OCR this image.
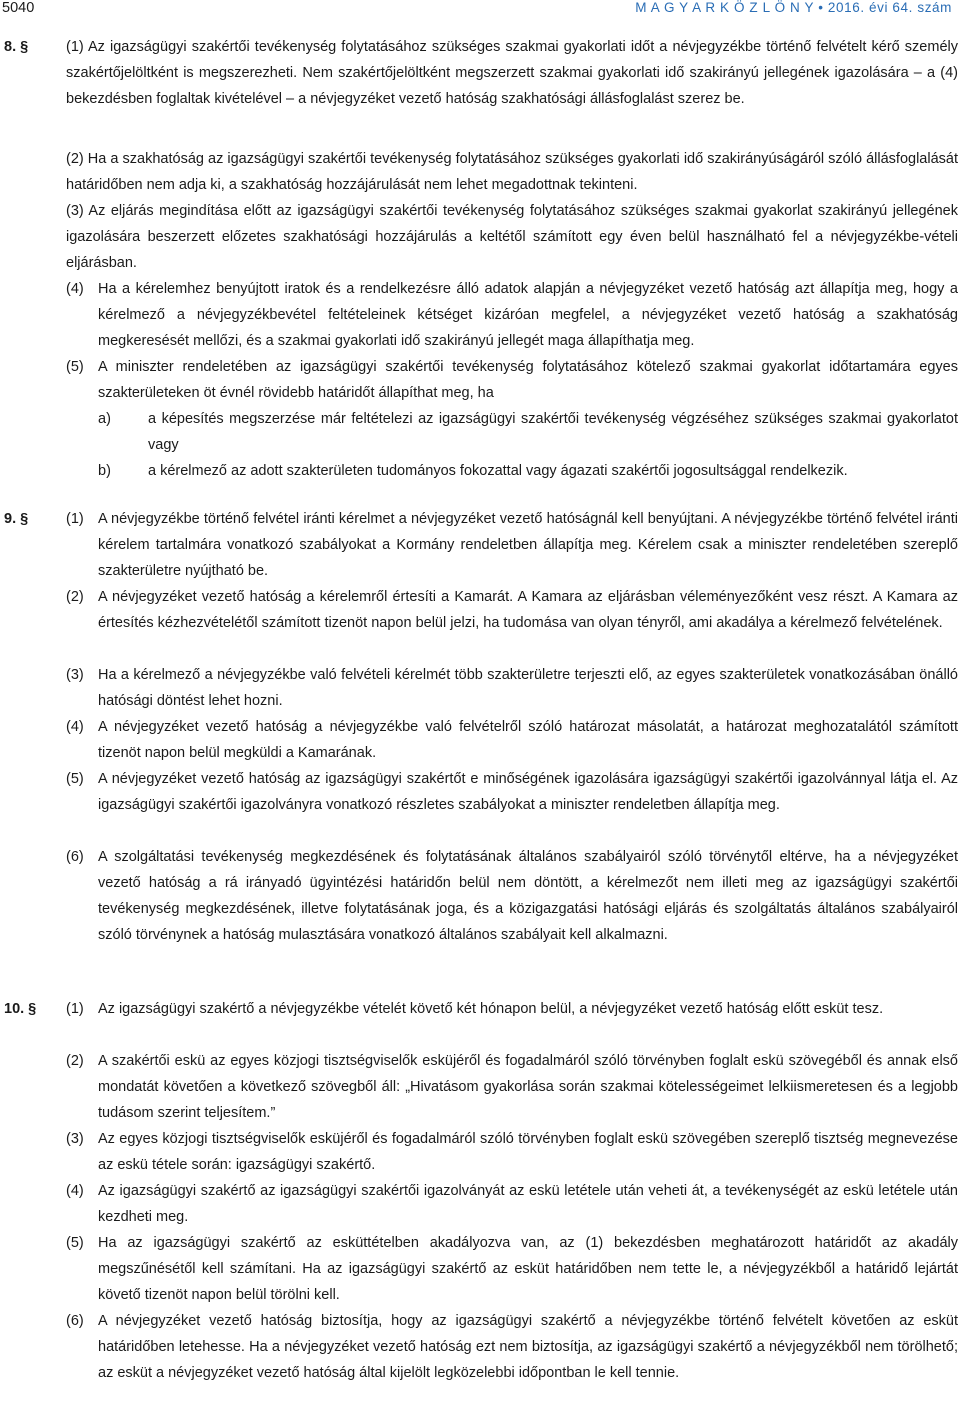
5040	M A G Y A R K Ö Z L Ö N Y • 2016. évi 64. szám
8. §	(1) Az igazságügyi szakértői tevékenység folytatásához szükséges szakmai gyakorlati időt a névjegyzékbe történő felvételt kérő személy szakértőjelöltként is megszerezheti. Nem szakértőjelöltként megszerzett szakmai gyakorlati idő szakirányú jellegének igazolására – a (4) bekezdésben foglaltak kivételével – a névjegyzéket vezető hatóság szakhatósági állásfoglalást szerez be.
(2) Ha a szakhatóság az igazságügyi szakértői tevékenység folytatásához szükséges gyakorlati idő szakirányúságáról szóló állásfoglalását határidőben nem adja ki, a szakhatóság hozzájárulását nem lehet megadottnak tekinteni.
(3) Az eljárás megindítása előtt az igazságügyi szakértői tevékenység folytatásához szükséges szakmai gyakorlat szakirányú jellegének igazolására beszerzett előzetes szakhatósági hozzájárulás a keltétől számított egy éven belül használható fel a névjegyzékbe-vételi eljárásban.
(4) Ha a kérelemhez benyújtott iratok és a rendelkezésre álló adatok alapján a névjegyzéket vezető hatóság azt állapítja meg, hogy a kérelmező a névjegyzékbevétel feltételeinek kétséget kizáróan megfelel, a névjegyzéket vezető hatóság a szakhatóság megkeresését mellőzi, és a szakmai gyakorlati idő szakirányú jellegét maga állapíthatja meg.
(5) A miniszter rendeletében az igazságügyi szakértői tevékenység folytatásához kötelező szakmai gyakorlat időtartamára egyes szakterületeken öt évnél rövidebb határidőt állapíthat meg, ha
a)	a képesítés megszerzése már feltételezi az igazságügyi szakértői tevékenység végzéséhez szükséges szakmai gyakorlatot vagy
b)	a kérelmező az adott szakterületen tudományos fokozattal vagy ágazati szakértői jogosultsággal rendelkezik.
9. §	(1) A névjegyzékbe történő felvétel iránti kérelmet a névjegyzéket vezető hatóságnál kell benyújtani. A névjegyzékbe történő felvétel iránti kérelem tartalmára vonatkozó szabályokat a Kormány rendeletben állapítja meg. Kérelem csak a miniszter rendeletében szereplő szakterületre nyújtható be.
(2) A névjegyzéket vezető hatóság a kérelemről értesíti a Kamarát. A Kamara az eljárásban véleményezőként vesz részt. A Kamara az értesítés kézhezvételétől számított tizenöt napon belül jelzi, ha tudomása van olyan tényről, ami akadálya a kérelmező felvételének.
(3) Ha a kérelmező a névjegyzékbe való felvételi kérelmét több szakterületre terjeszti elő, az egyes szakterületek vonatkozásában önálló hatósági döntést lehet hozni.
(4) A névjegyzéket vezető hatóság a névjegyzékbe való felvételről szóló határozat másolatát, a határozat meghozatalától számított tizenöt napon belül megküldi a Kamarának.
(5) A névjegyzéket vezető hatóság az igazságügyi szakértőt e minőségének igazolására igazságügyi szakértői igazolvánnyal látja el. Az igazságügyi szakértői igazolványra vonatkozó részletes szabályokat a miniszter rendeletben állapítja meg.
(6) A szolgáltatási tevékenység megkezdésének és folytatásának általános szabályairól szóló törvénytől eltérve, ha a névjegyzéket vezető hatóság a rá irányadó ügyintézési határidőn belül nem döntött, a kérelmezőt nem illeti meg az igazságügyi szakértői tevékenység megkezdésének, illetve folytatásának joga, és a közigazgatási hatósági eljárás és szolgáltatás általános szabályairól szóló törvénynek a hatóság mulasztására vonatkozó általános szabályait kell alkalmazni.
10. § (1) Az igazságügyi szakértő a névjegyzékbe vételét követő két hónapon belül, a névjegyzéket vezető hatóság előtt esküt tesz.
(2) A szakértői eskü az egyes közjogi tisztségviselők esküjéről és fogadalmáról szóló törvényben foglalt eskü szövegéből és annak első mondatát követően a következő szövegből áll: „Hivatásom gyakorlása során szakmai kötelességeimet lelkiismeretesen és a legjobb tudásom szerint teljesítem.”
(3) Az egyes közjogi tisztségviselők esküjéről és fogadalmáról szóló törvényben foglalt eskü szövegében szereplő tisztség megnevezése az eskü tétele során: igazságügyi szakértő.
(4) Az igazságügyi szakértő az igazságügyi szakértői igazolványát az eskü letétele után veheti át, a tevékenységét az eskü letétele után kezdheti meg.
(5) Ha az igazságügyi szakértő az esküttételben akadályozva van, az (1) bekezdésben meghatározott határidőt az akadály megszűnésétől kell számítani. Ha az igazságügyi szakértő az esküt határidőben nem tette le, a névjegyzékből a határidő lejártát követő tizenöt napon belül törölni kell.
(6) A névjegyzéket vezető hatóság biztosítja, hogy az igazságügyi szakértő a névjegyzékbe történő felvételt követően az esküt határidőben letehesse. Ha a névjegyzéket vezető hatóság ezt nem biztosítja, az igazságügyi szakértő a névjegyzékből nem törölhető; az esküt a névjegyzéket vezető hatóság által kijelölt legközelebbi időpontban le kell tennie.
